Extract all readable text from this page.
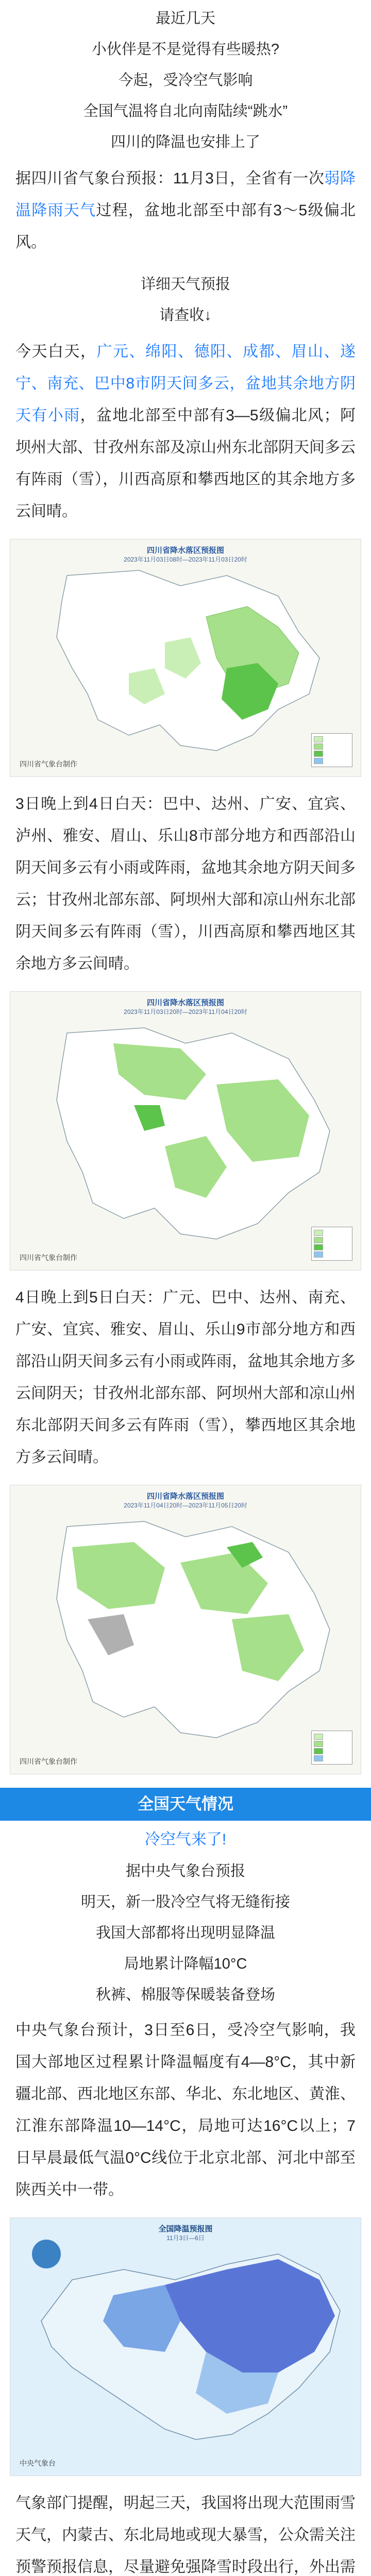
最近几天
小伙伴是不是觉得有些暖热?
今起，受冷空气影响
全国气温将自北向南陆续“跳水”
四川的降温也安排上了
据四川省气象台预报：11月3日，全省有一次弱降温降雨天气过程，盆地北部至中部有3～5级偏北风。
详细天气预报
请查收↓
今天白天，广元、绵阳、德阳、成都、眉山、遂宁、南充、巴中8市阴天间多云，盆地其余地方阴天有小雨，盆地北部至中部有3—5级偏北风；阿坝州大部、甘孜州东部及凉山州东北部阴天间多云有阵雨（雪），川西高原和攀西地区的其余地方多云间晴。
四川省降水落区预报图
2023年11月03日08时—2023年11月03日20时
四川省气象台制作
3日晚上到4日白天：巴中、达州、广安、宜宾、泸州、雅安、眉山、乐山8市部分地方和西部沿山阴天间多云有小雨或阵雨，盆地其余地方阴天间多云；甘孜州北部东部、阿坝州大部和凉山州东北部阴天间多云有阵雨（雪），川西高原和攀西地区其余地方多云间晴。
四川省降水落区预报图
2023年11月03日20时—2023年11月04日20时
四川省气象台制作
4日晚上到5日白天：广元、巴中、达州、南充、广安、宜宾、雅安、眉山、乐山9市部分地方和西部沿山阴天间多云有小雨或阵雨，盆地其余地方多云间阴天；甘孜州北部东部、阿坝州大部和凉山州东北部阴天间多云有阵雨（雪），攀西地区其余地方多云间晴。
四川省降水落区预报图
2023年11月04日20时—2023年11月05日20时
四川省气象台制作
全国天气情况
冷空气来了!
据中央气象台预报
明天，新一股冷空气将无缝衔接
我国大部都将出现明显降温
局地累计降幅10°C
秋裤、棉服等保暖装备登场
中央气象台预计，3日至6日，受冷空气影响，我国大部地区过程累计降温幅度有4—8°C，其中新疆北部、西北地区东部、华北、东北地区、黄淮、江淮东部降温10—14°C，局地可达16°C以上；7日早晨最低气温0°C线位于北京北部、河北中部至陕西关中一带。
全国降温预报图
11月3日—6日
中央气象台
气象部门提醒，明起三天，我国将出现大范围雨雪天气，内蒙古、东北局地或现大暴雪，公众需关注预警预报信息，尽量避免强降雪时段出行，外出需
